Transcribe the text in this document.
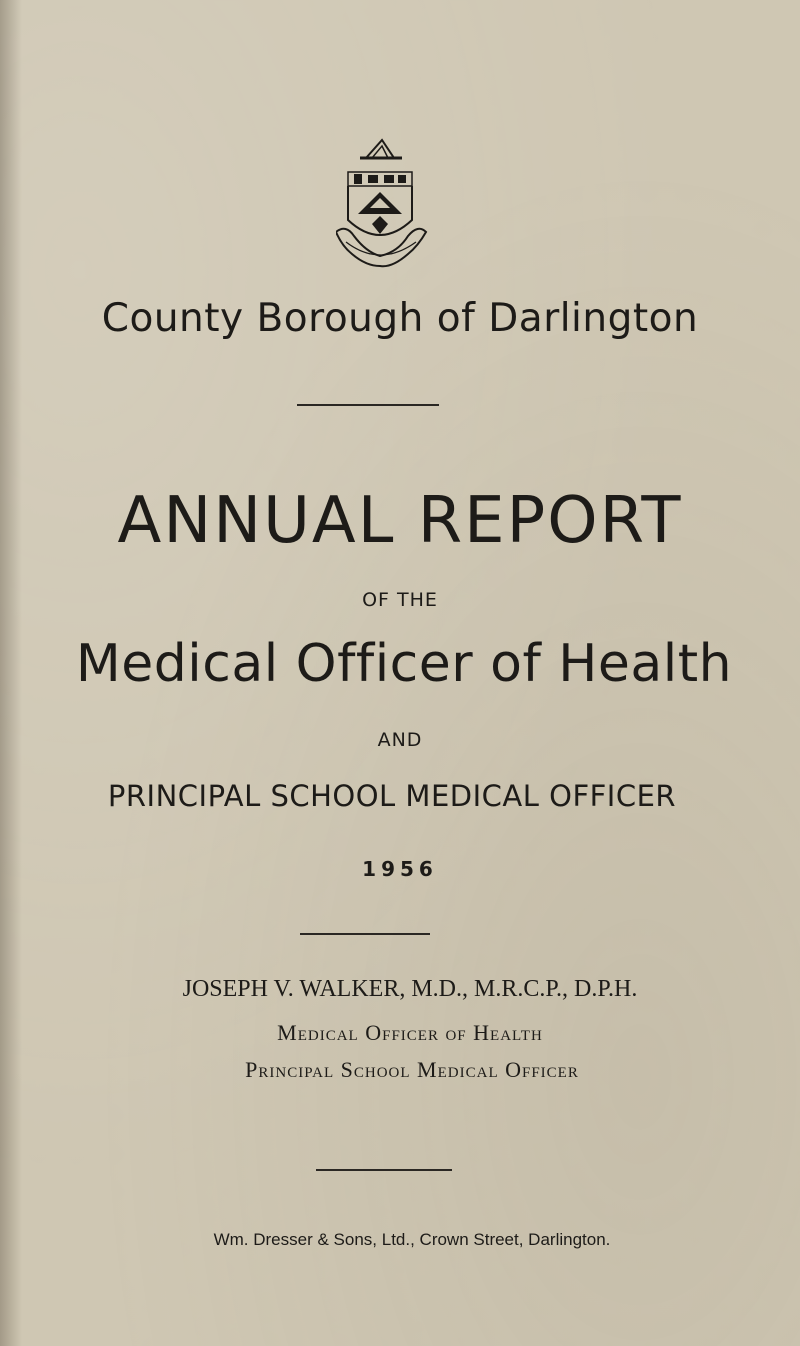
County Borough of Darlington
ANNUAL REPORT
OF THE
Medical Officer of Health
AND
PRINCIPAL SCHOOL MEDICAL OFFICER
1956
JOSEPH V. WALKER, M.D., M.R.C.P., D.P.H.
Medical Officer of Health
Principal School Medical Officer
Wm. Dresser & Sons, Ltd., Crown Street, Darlington.
